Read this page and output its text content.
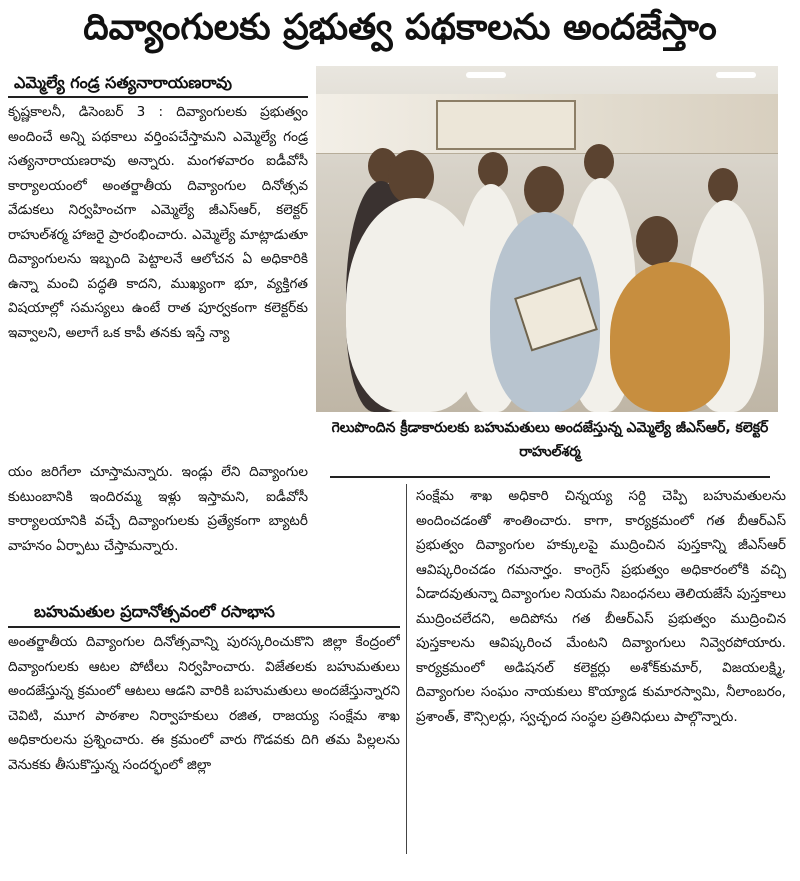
దివ్యాంగులకు ప్రభుత్వ పథకాలను అందజేస్తాం
ఎమ్మెల్యే గండ్ర సత్యనారాయణరావు

కృష్ణకాలనీ, డిసెంబర్ 3 : దివ్యాంగులకు ప్రభుత్వం అందించే అన్ని పథకాలు వర్తింపచేస్తామని ఎమ్మెల్యే గండ్ర సత్యనారాయణరావు అన్నారు. మంగళవారం ఐడీవోసీ కార్యాలయంలో అంతర్జాతీయ దివ్యాంగుల దినోత్సవ వేడుకలు నిర్వహించగా ఎమ్మెల్యే జీఎస్ఆర్, కలెక్టర్ రాహుల్‌శర్మ హాజరై ప్రారంభించారు. ఎమ్మెల్యే మాట్లాడుతూ దివ్యాంగులను ఇబ్బంది పెట్టాలనే ఆలోచన ఏ అధికారికి ఉన్నా మంచి పద్ధతి కాదని, ముఖ్యంగా భూ, వ్యక్తిగత విషయాల్లో సమస్యలు ఉంటే రాత పూర్వకంగా కలెక్టర్‌కు ఇవ్వాలని, అలాగే ఒక కాపీ తనకు ఇస్తే న్యా

గెలుపొందిన క్రీడాకారులకు బహుమతులు అందజేస్తున్న ఎమ్మెల్యే జీఎస్ఆర్, కలెక్టర్ రాహుల్‌శర్మ

యం జరిగేలా చూస్తామన్నారు. ఇండ్లు లేని దివ్యాంగుల కుటుంబానికి ఇందిరమ్మ ఇళ్లు ఇస్తామని, ఐడీవోసీ కార్యాలయానికి వచ్చే దివ్యాంగులకు ప్రత్యేకంగా బ్యాటరీ వాహనం ఏర్పాటు చేస్తామన్నారు.

బహుమతుల ప్రదానోత్సవంలో రసాభాస

అంతర్జాతీయ దివ్యాంగుల దినోత్సవాన్ని పురస్కరించుకొని జిల్లా కేంద్రంలో దివ్యాంగులకు ఆటల పోటీలు నిర్వహించారు. విజేతలకు బహుమతులు అందజేస్తున్న క్రమంలో ఆటలు ఆడని వారికి బహుమతులు అందజేస్తున్నారని చెవిటి, మూగ పాఠశాల నిర్వాహకులు రజిత, రాజయ్య సంక్షేమ శాఖ అధికారులను ప్రశ్నించారు. ఈ క్రమంలో వారు గొడవకు దిగి తమ పిల్లలను వెనుకకు తీసుకొస్తున్న సందర్భంలో జిల్లా

సంక్షేమ శాఖ అధికారి చిన్నయ్య సర్ది చెప్పి బహుమతులను అందించడంతో శాంతించారు. కాగా, కార్యక్రమంలో గత బీఆర్ఎస్ ప్రభుత్వం దివ్యాంగుల హక్కులపై ముద్రించిన పుస్తకాన్ని జీఎస్ఆర్ ఆవిష్కరించడం గమనార్హం. కాంగ్రెస్ ప్రభుత్వం అధికారంలోకి వచ్చి ఏడాదవుతున్నా దివ్యాంగుల నియమ నిబంధనలు తెలియజేసే పుస్తకాలు ముద్రించలేదని, అదిపోను గత బీఆర్ఎస్ ప్రభుత్వం ముద్రించిన పుస్తకాలను ఆవిష్కరించ మేంటని దివ్యాంగులు నివ్వెరపోయారు. కార్యక్రమంలో అడిషనల్ కలెక్టర్లు అశోక్‌కుమార్, విజయలక్ష్మి, దివ్యాంగుల సంఘం నాయకులు కొయ్యాడ కుమారస్వామి, నీలాంబరం, ప్రశాంత్, కౌన్సిలర్లు, స్వచ్ఛంద సంస్థల ప్రతినిధులు పాల్గొన్నారు.
